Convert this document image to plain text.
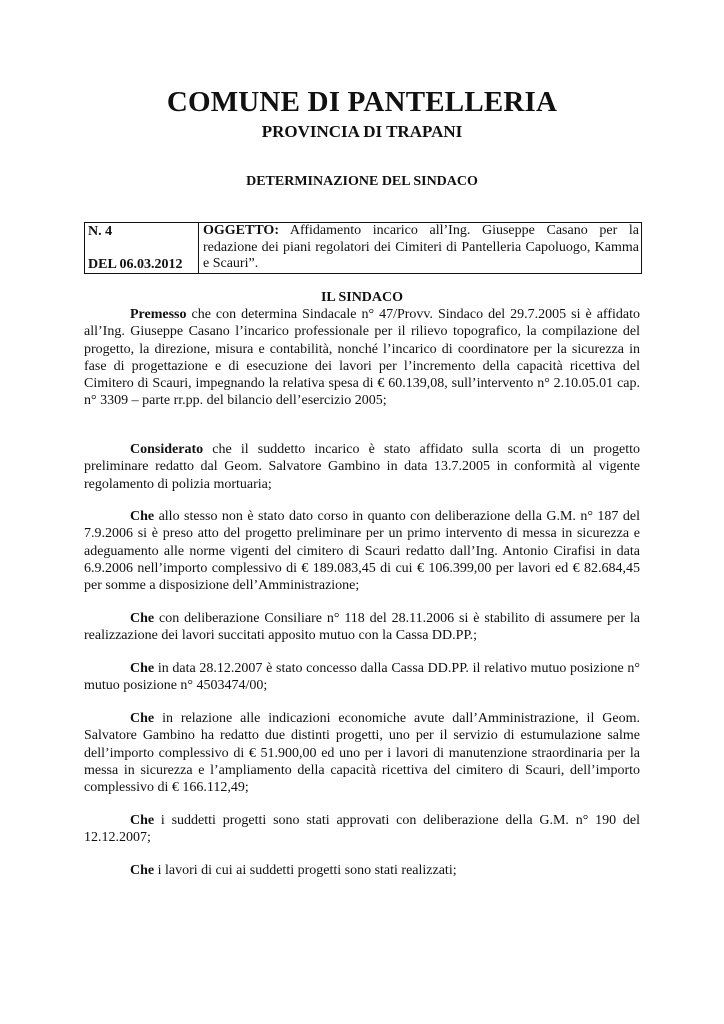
COMUNE DI PANTELLERIA
PROVINCIA DI TRAPANI
DETERMINAZIONE DEL SINDACO
N. 4
DEL 06.03.2012
OGGETTO: Affidamento incarico all’Ing. Giuseppe Casano per la redazione dei piani regolatori dei Cimiteri di Pantelleria Capoluogo, Kamma e Scauri”.
IL SINDACO

Premesso che con determina Sindacale n° 47/Provv. Sindaco del 29.7.2005 si è affidato all’Ing. Giuseppe Casano l’incarico professionale per il rilievo topografico, la compilazione del progetto, la direzione, misura e contabilità, nonché l’incarico di coordinatore per la sicurezza in fase di progettazione e di esecuzione dei lavori per l’incremento della capacità ricettiva del Cimitero di Scauri, impegnando la relativa spesa di € 60.139,08, sull’intervento n° 2.10.05.01 cap. n° 3309 – parte rr.pp. del bilancio dell’esercizio 2005;

Considerato che il suddetto incarico è stato affidato sulla scorta di un progetto preliminare redatto dal Geom. Salvatore Gambino in data 13.7.2005 in conformità al vigente regolamento di polizia mortuaria;

Che allo stesso non è stato dato corso in quanto con deliberazione della G.M. n° 187 del 7.9.2006 si è preso atto del progetto preliminare per un primo intervento di messa in sicurezza e adeguamento alle norme vigenti del cimitero di Scauri redatto dall’Ing. Antonio Cirafisi in data 6.9.2006 nell’importo complessivo di € 189.083,45 di cui € 106.399,00 per lavori ed € 82.684,45 per somme a disposizione dell’Amministrazione;

Che con deliberazione Consiliare n° 118 del 28.11.2006 si è stabilito di assumere per la realizzazione dei lavori succitati apposito mutuo con la Cassa DD.PP.;

Che in data 28.12.2007 è stato concesso dalla Cassa DD.PP. il relativo mutuo posizione n° mutuo posizione n° 4503474/00;

Che in relazione alle indicazioni economiche avute dall’Amministrazione, il Geom. Salvatore Gambino ha redatto due distinti progetti, uno per il servizio di estumulazione salme dell’importo complessivo di € 51.900,00 ed uno per i lavori di manutenzione straordinaria per la messa in sicurezza e l’ampliamento della capacità ricettiva del cimitero di Scauri, dell’importo complessivo di € 166.112,49;

Che i suddetti progetti sono stati approvati con deliberazione della G.M. n° 190 del 12.12.2007;

Che i lavori di cui ai suddetti progetti sono stati realizzati;
